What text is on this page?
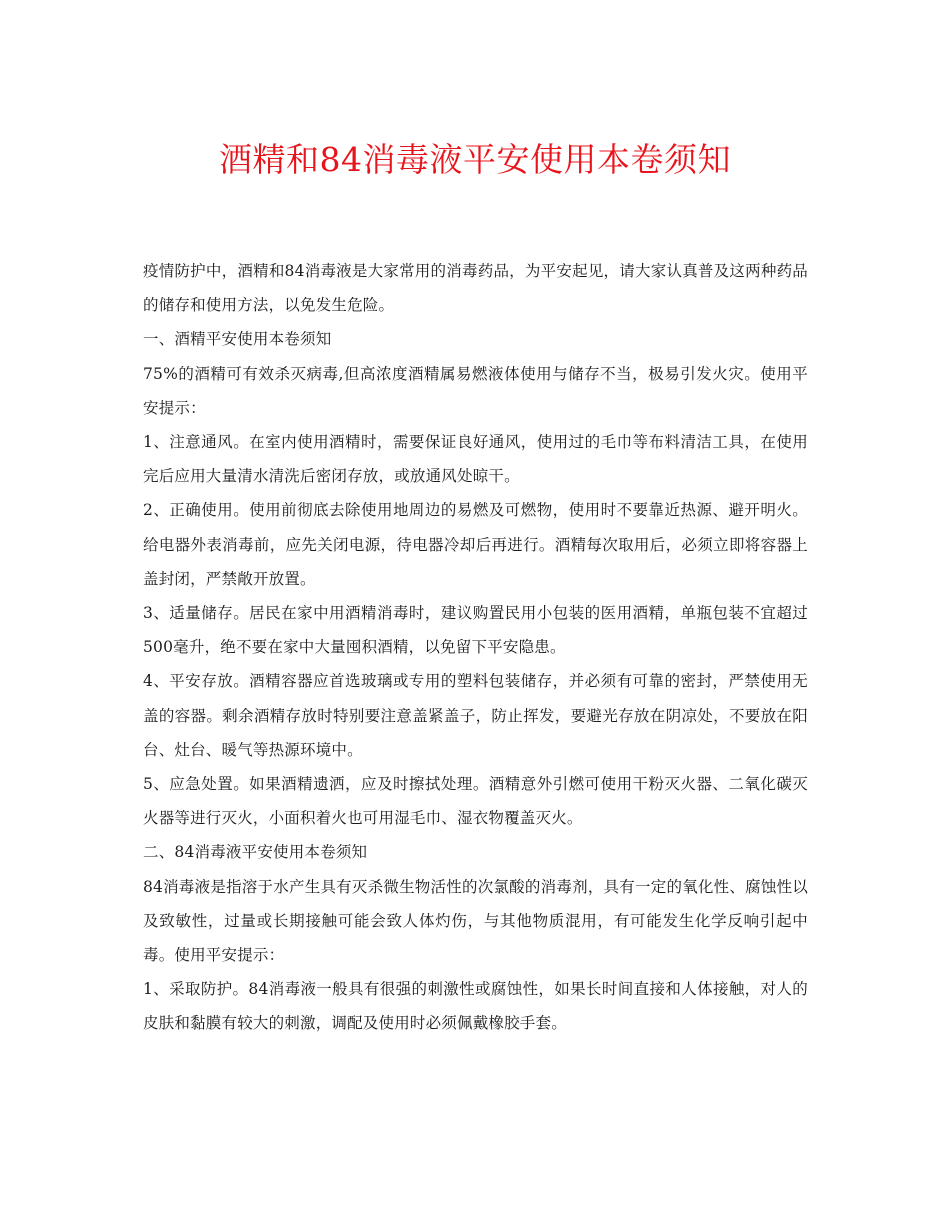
酒精和84消毒液平安使用本卷须知

疫情防护中，酒精和84消毒液是大家常用的消毒药品，为平安起见，请大家认真普及这两种药品的储存和使用方法，以免发生危险。

一、酒精平安使用本卷须知

75%的酒精可有效杀灭病毒,但高浓度酒精属易燃液体使用与储存不当，极易引发火灾。使用平安提示：

1、注意通风。在室内使用酒精时，需要保证良好通风，使用过的毛巾等布料清洁工具，在使用完后应用大量清水清洗后密闭存放，或放通风处晾干。

2、正确使用。使用前彻底去除使用地周边的易燃及可燃物，使用时不要靠近热源、避开明火。给电器外表消毒前，应先关闭电源，待电器冷却后再进行。酒精每次取用后，必须立即将容器上盖封闭，严禁敞开放置。

3、适量储存。居民在家中用酒精消毒时，建议购置民用小包装的医用酒精，单瓶包装不宜超过500毫升，绝不要在家中大量囤积酒精，以免留下平安隐患。

4、平安存放。酒精容器应首选玻璃或专用的塑料包装储存，并必须有可靠的密封，严禁使用无盖的容器。剩余酒精存放时特别要注意盖紧盖子，防止挥发，要避光存放在阴凉处，不要放在阳台、灶台、暖气等热源环境中。

5、应急处置。如果酒精遗洒，应及时擦拭处理。酒精意外引燃可使用干粉灭火器、二氧化碳灭火器等进行灭火，小面积着火也可用湿毛巾、湿衣物覆盖灭火。

二、84消毒液平安使用本卷须知

84消毒液是指溶于水产生具有灭杀微生物活性的次氯酸的消毒剂，具有一定的氧化性、腐蚀性以及致敏性，过量或长期接触可能会致人体灼伤，与其他物质混用，有可能发生化学反响引起中毒。使用平安提示：

1、采取防护。84消毒液一般具有很强的刺激性或腐蚀性，如果长时间直接和人体接触，对人的皮肤和黏膜有较大的刺激，调配及使用时必须佩戴橡胶手套。
